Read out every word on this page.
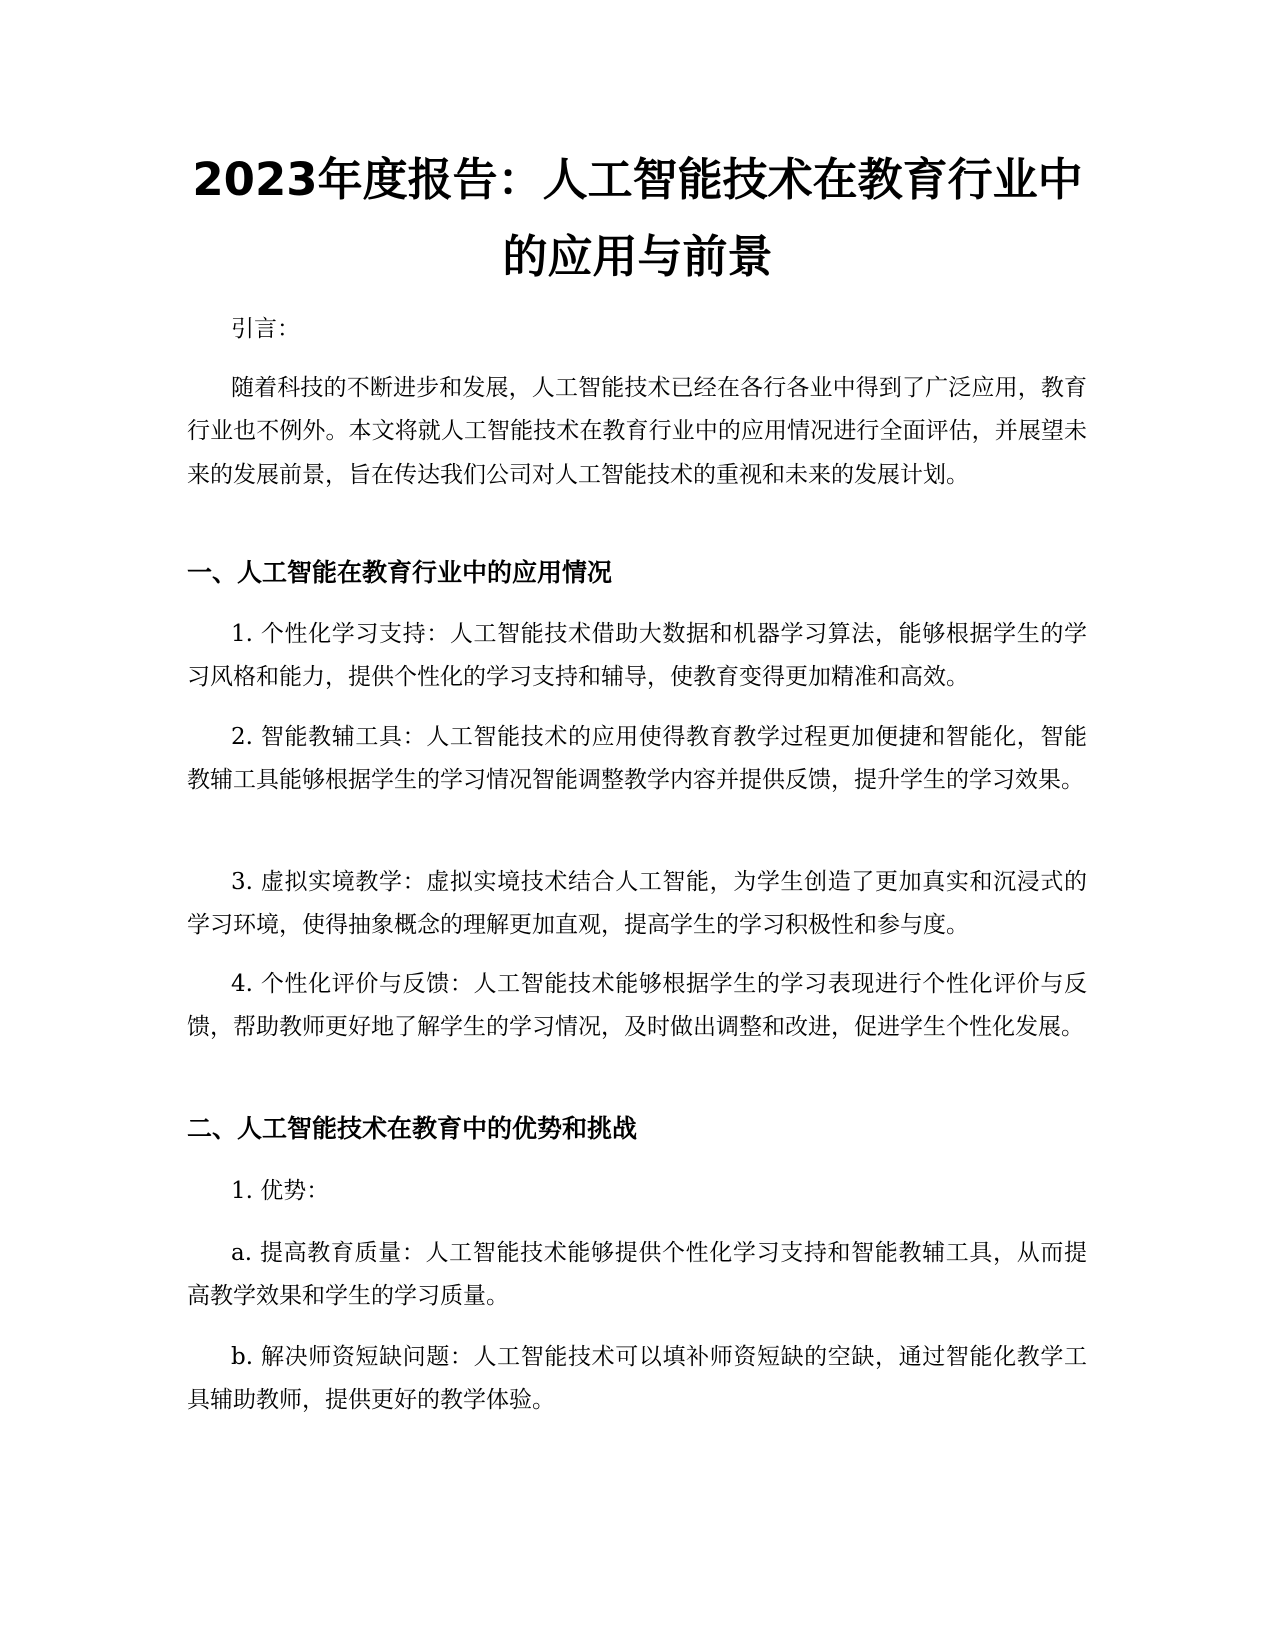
2023年度报告：人工智能技术在教育行业中
的应用与前景

引言：

随着科技的不断进步和发展，人工智能技术已经在各行各业中得到了广泛应用，教育行业也不例外。本文将就人工智能技术在教育行业中的应用情况进行全面评估，并展望未来的发展前景，旨在传达我们公司对人工智能技术的重视和未来的发展计划。

一、人工智能在教育行业中的应用情况

1. 个性化学习支持：人工智能技术借助大数据和机器学习算法，能够根据学生的学习风格和能力，提供个性化的学习支持和辅导，使教育变得更加精准和高效。

2. 智能教辅工具：人工智能技术的应用使得教育教学过程更加便捷和智能化，智能教辅工具能够根据学生的学习情况智能调整教学内容并提供反馈，提升学生的学习效果。

3. 虚拟实境教学：虚拟实境技术结合人工智能，为学生创造了更加真实和沉浸式的学习环境，使得抽象概念的理解更加直观，提高学生的学习积极性和参与度。

4. 个性化评价与反馈：人工智能技术能够根据学生的学习表现进行个性化评价与反馈，帮助教师更好地了解学生的学习情况，及时做出调整和改进，促进学生个性化发展。

二、人工智能技术在教育中的优势和挑战

1. 优势：

a. 提高教育质量：人工智能技术能够提供个性化学习支持和智能教辅工具，从而提高教学效果和学生的学习质量。

b. 解决师资短缺问题：人工智能技术可以填补师资短缺的空缺，通过智能化教学工具辅助教师，提供更好的教学体验。
